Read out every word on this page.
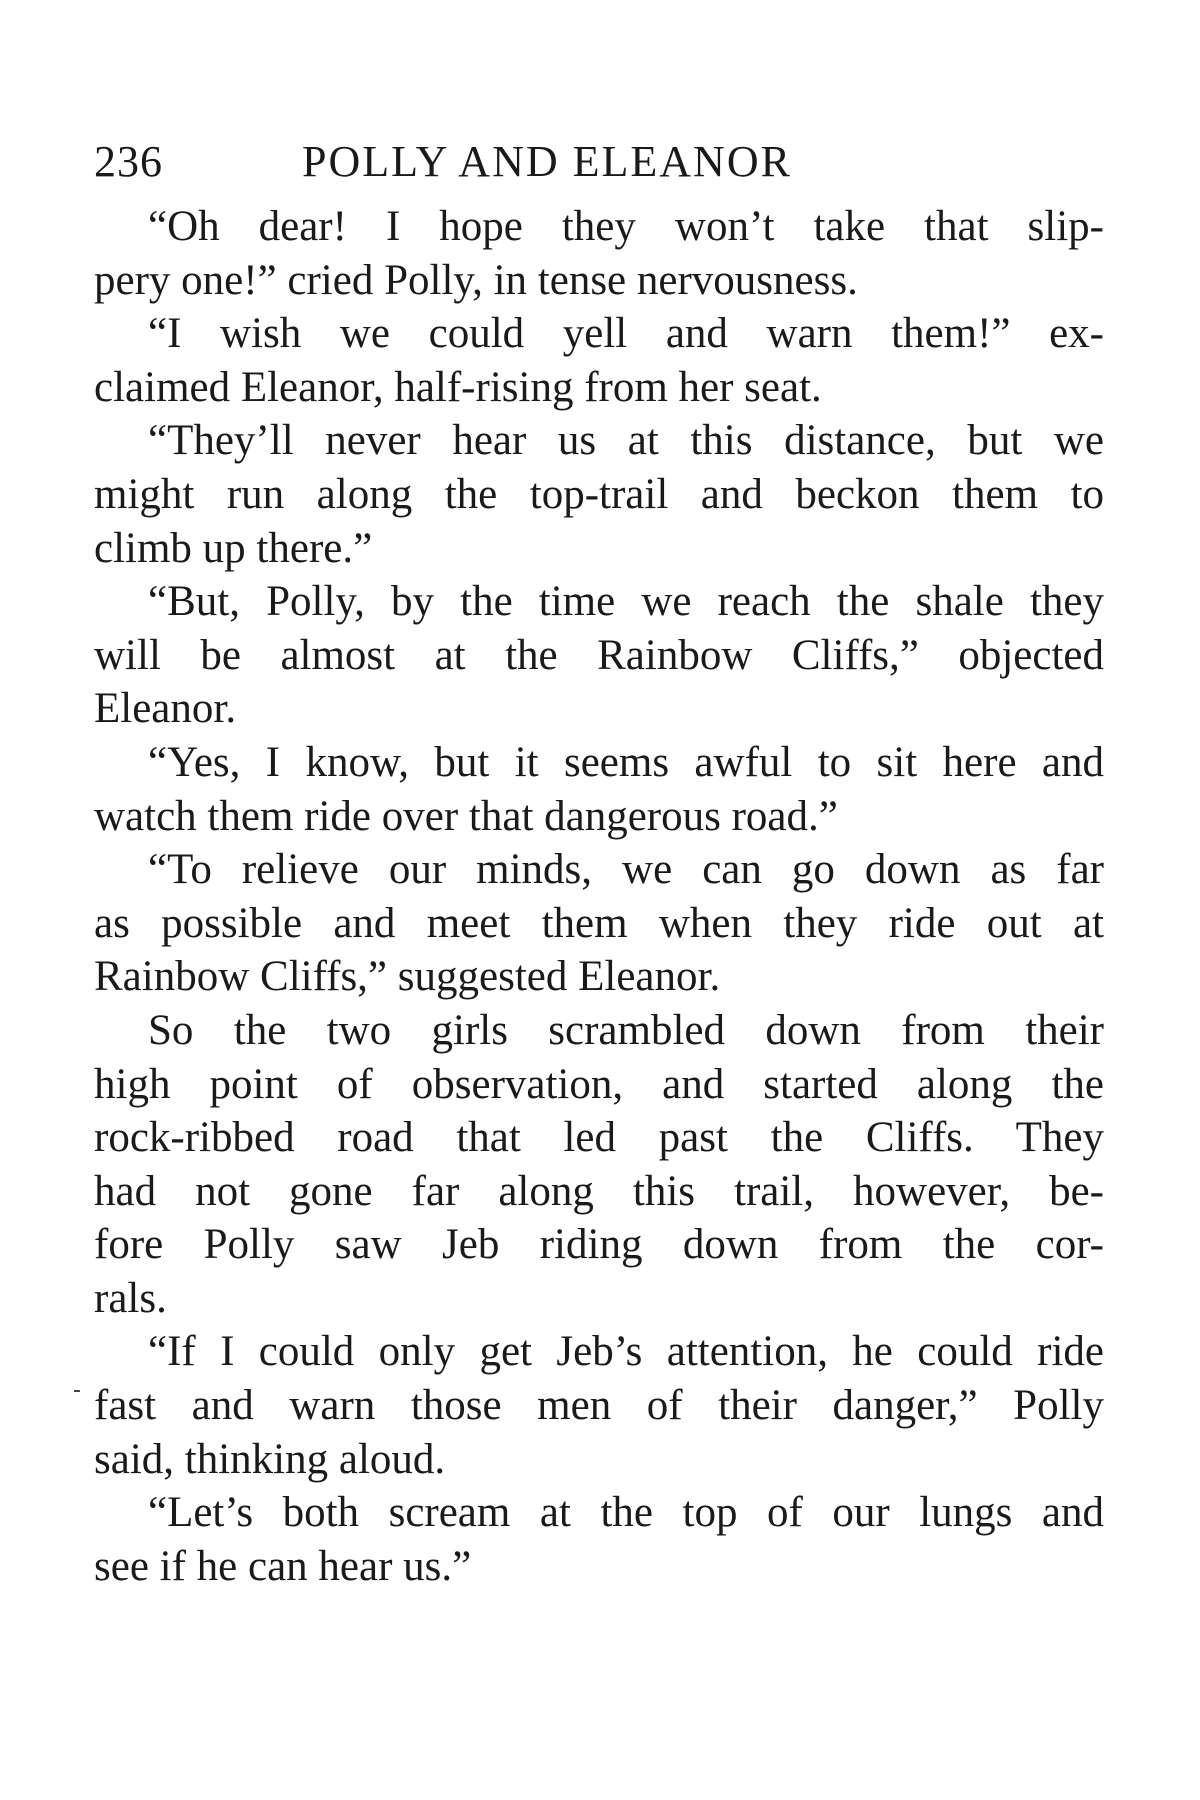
236	POLLY AND ELEANOR
“Oh dear! I hope they won’t take that slip-
pery one!” cried Polly, in tense nervousness.
“I wish we could yell and warn them!” ex-
claimed Eleanor, half-rising from her seat.
“They’ll never hear us at this distance, but we
might run along the top-trail and beckon them to
climb up there.”
“But, Polly, by the time we reach the shale they
will be almost at the Rainbow Cliffs,” objected
Eleanor.
“Yes, I know, but it seems awful to sit here and
watch them ride over that dangerous road.”
“To relieve our minds, we can go down as far
as possible and meet them when they ride out at
Rainbow Cliffs,” suggested Eleanor.
So the two girls scrambled down from their
high point of observation, and started along the
rock-ribbed road that led past the Cliffs. They
had not gone far along this trail, however, be-
fore Polly saw Jeb riding down from the cor-
rals.
“If I could only get Jeb’s attention, he could ride
fast and warn those men of their danger,” Polly
said, thinking aloud.
“Let’s both scream at the top of our lungs and
see if he can hear us.”
